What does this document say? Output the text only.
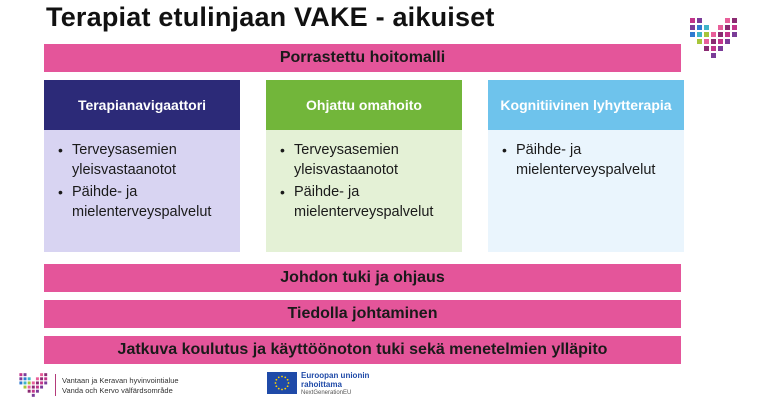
Terapiat etulinjaan VAKE - aikuiset
Porrastettu hoitomalli
Terapianavigaattori
• Terveysasemien yleisvastaanotot
• Päihde- ja mielenterveyspalvelut
Ohjattu omahoito
• Terveysasemien yleisvastaanotot
• Päihde- ja mielenterveyspalvelut
Kognitiivinen lyhytterapia
• Päihde- ja mielenterveyspalvelut
Johdon tuki ja ohjaus
Tiedolla johtaminen
Jatkuva koulutus ja käyttöönoton tuki sekä menetelmien ylläpito
Vantaan ja Keravan hyvinvointialue
Vanda och Kervo välfärdsområde
Euroopan unionin
rahoittama
NextGenerationEU
